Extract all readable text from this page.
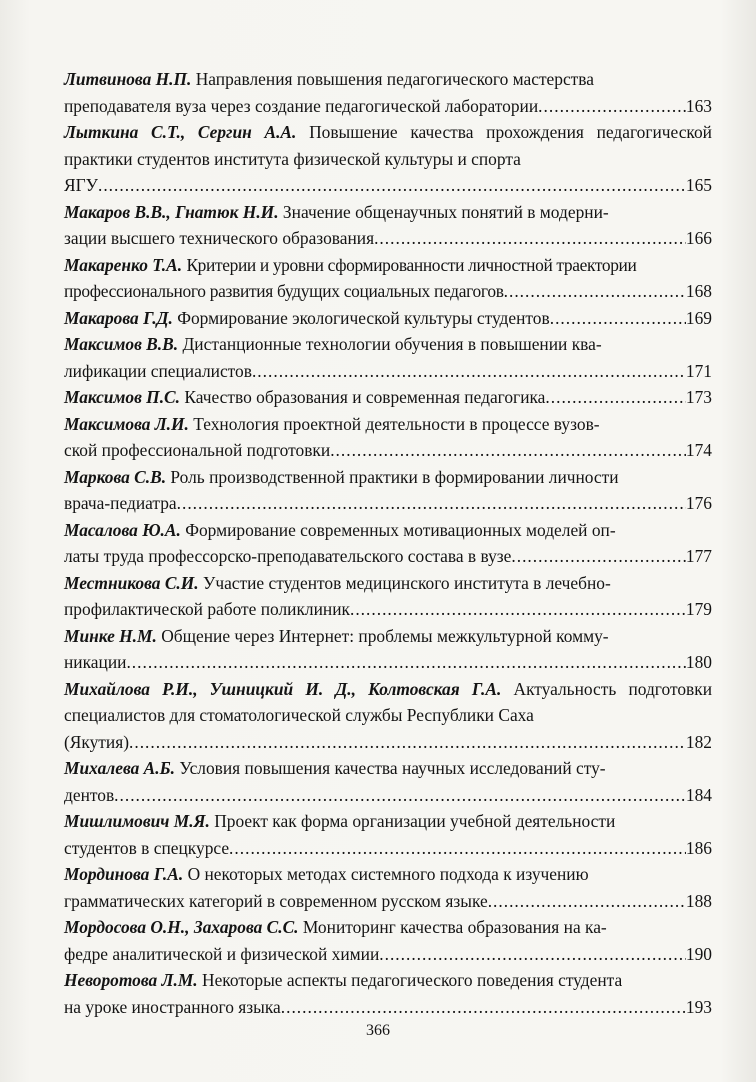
Литвинова Н.П. Направления повышения педагогического мастерства
преподавателя вуза через создание педагогической лаборатории .....	163
Лыткина С.Т., Сергин А.А. Повышение качества прохождения педагогической практики студентов института физической культуры и спорта
ЯГУ .....	165
Макаров В.В., Гнатюк Н.И. Значение общенаучных понятий в модерни-
зации высшего технического образования .....	166
Макаренко Т.А. Критерии и уровни сформированности личностной траектории
профессионального развития будущих социальных педагогов .....	168
Макарова Г.Д. Формирование экологической культуры студентов .....	169
Максимов В.В. Дистанционные технологии обучения в повышении ква-
лификации специалистов .....	171
Максимов П.С. Качество образования и современная педагогика .....	173
Максимова Л.И. Технология проектной деятельности в процессе вузов-
ской профессиональной подготовки .....	174
Маркова С.В. Роль производственной практики в формировании личности
врача-педиатра .....	176
Масалова Ю.А. Формирование современных мотивационных моделей оп-
латы труда профессорско-преподавательского состава в вузе .....	177
Местникова С.И. Участие студентов медицинского института в лечебно-
профилактической работе поликлиник .....	179
Минке Н.М. Общение через Интернет: проблемы межкультурной комму-
никации .....	180
Михайлова Р.И., Ушницкий И. Д., Колтовская Г.А. Актуальность подготовки специалистов для стоматологической службы Республики Саха
(Якутия) .....	182
Михалева А.Б. Условия повышения качества научных исследований сту-
дентов .....	184
Мишлимович М.Я. Проект как форма организации учебной деятельности
студентов в спецкурсе .....	186
Мординова Г.А. О некоторых методах системного подхода к изучению
грамматических категорий в современном русском языке .....	188
Мордосова О.Н., Захарова С.С. Мониторинг качества образования на ка-
федре аналитической и физической химии .....	190
Неворотова Л.М. Некоторые аспекты педагогического поведения студента
на уроке иностранного языка .....	193
366
